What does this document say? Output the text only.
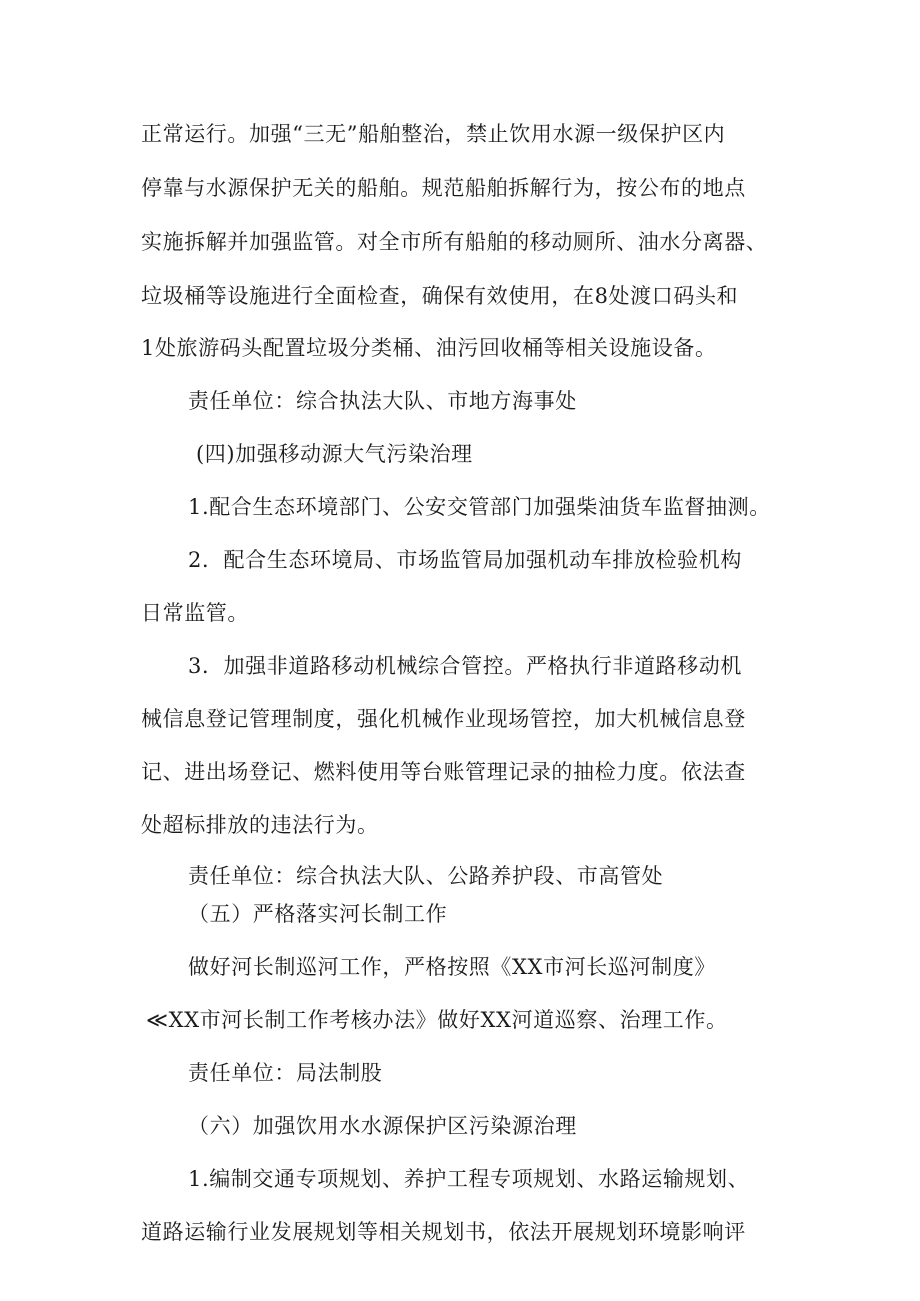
正常运行。加强“三无”船舶整治，禁止饮用水源一级保护区内
停靠与水源保护无关的船舶。规范船舶拆解行为，按公布的地点
实施拆解并加强监管。对全市所有船舶的移动厕所、油水分离器、
垃圾桶等设施进行全面检查，确保有效使用，在8处渡口码头和
1处旅游码头配置垃圾分类桶、油污回收桶等相关设施设备。
责任单位：综合执法大队、市地方海事处
(四)加强移动源大气污染治理
1.配合生态环境部门、公安交管部门加强柴油货车监督抽测。
2．配合生态环境局、市场监管局加强机动车排放检验机构
日常监管。
3．加强非道路移动机械综合管控。严格执行非道路移动机
械信息登记管理制度，强化机械作业现场管控，加大机械信息登
记、进出场登记、燃料使用等台账管理记录的抽检力度。依法查
处超标排放的违法行为。
责任单位：综合执法大队、公路养护段、市高管处
（五）严格落实河长制工作
做好河长制巡河工作，严格按照《XX市河长巡河制度》
≪XX市河长制工作考核办法》做好XX河道巡察、治理工作。
责任单位：局法制股
（六）加强饮用水水源保护区污染源治理
1.编制交通专项规划、养护工程专项规划、水路运输规划、
道路运输行业发展规划等相关规划书，依法开展规划环境影响评
